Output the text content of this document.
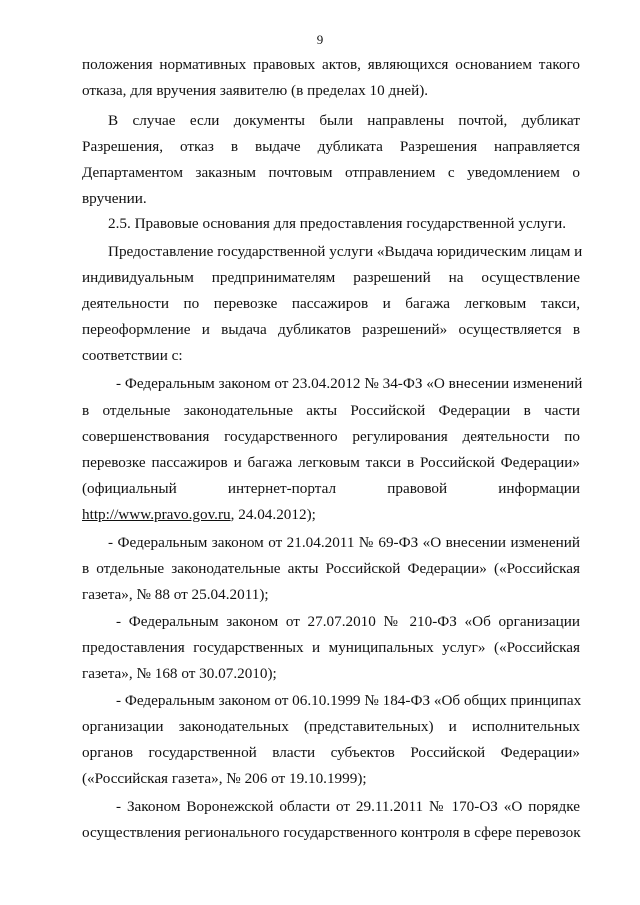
9
положения нормативных правовых актов, являющихся основанием такого
отказа, для вручения заявителю (в пределах 10 дней).
В случае если документы были направлены почтой, дубликат
Разрешения, отказ в выдаче дубликата Разрешения направляется
Департаментом заказным почтовым отправлением с уведомлением о
вручении.
2.5. Правовые основания для предоставления государственной услуги.
Предоставление государственной услуги «Выдача юридическим лицам и
индивидуальным предпринимателям разрешений на осуществление
деятельности по перевозке пассажиров и багажа легковым такси,
переоформление и выдача дубликатов разрешений» осуществляется в
соответствии с:
- Федеральным законом от 23.04.2012 № 34-ФЗ «О внесении изменений
в отдельные законодательные акты Российской Федерации в части
совершенствования государственного регулирования деятельности по
перевозке пассажиров и багажа легковым такси в Российской Федерации»
(официальный интернет-портал правовой информации
http://www.pravo.gov.ru, 24.04.2012);
- Федеральным законом от 21.04.2011 № 69-ФЗ «О внесении изменений
в отдельные законодательные акты Российской Федерации» («Российская
газета», № 88 от 25.04.2011);
- Федеральным законом от 27.07.2010 № 210-ФЗ «Об организации
предоставления государственных и муниципальных услуг» («Российская
газета», № 168 от 30.07.2010);
- Федеральным законом от 06.10.1999 № 184-ФЗ «Об общих принципах
организации законодательных (представительных) и исполнительных
органов государственной власти субъектов Российской Федерации»
(«Российская газета», № 206 от 19.10.1999);
- Законом Воронежской области от 29.11.2011 № 170-ОЗ «О порядке
осуществления регионального государственного контроля в сфере перевозок
